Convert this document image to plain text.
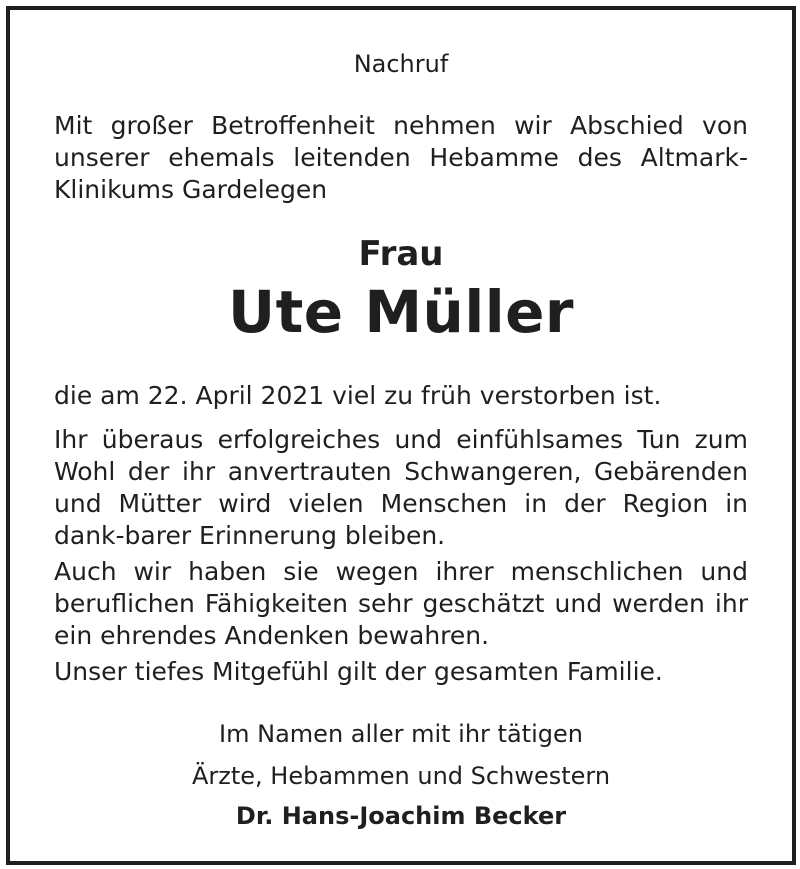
Nachruf

Mit großer Betroffenheit nehmen wir Abschied von unserer ehemals leitenden Hebamme des Altmark-Klinikums Gardelegen

Frau
Ute Müller

die am 22. April 2021 viel zu früh verstorben ist.

Ihr überaus erfolgreiches und einfühlsames Tun zum Wohl der ihr anvertrauten Schwangeren, Gebärenden und Mütter wird vielen Menschen in der Region in dank-barer Erinnerung bleiben.

Auch wir haben sie wegen ihrer menschlichen und beruflichen Fähigkeiten sehr geschätzt und werden ihr ein ehrendes Andenken bewahren.

Unser tiefes Mitgefühl gilt der gesamten Familie.

Im Namen aller mit ihr tätigen
Ärzte, Hebammen und Schwestern
Dr. Hans-Joachim Becker
